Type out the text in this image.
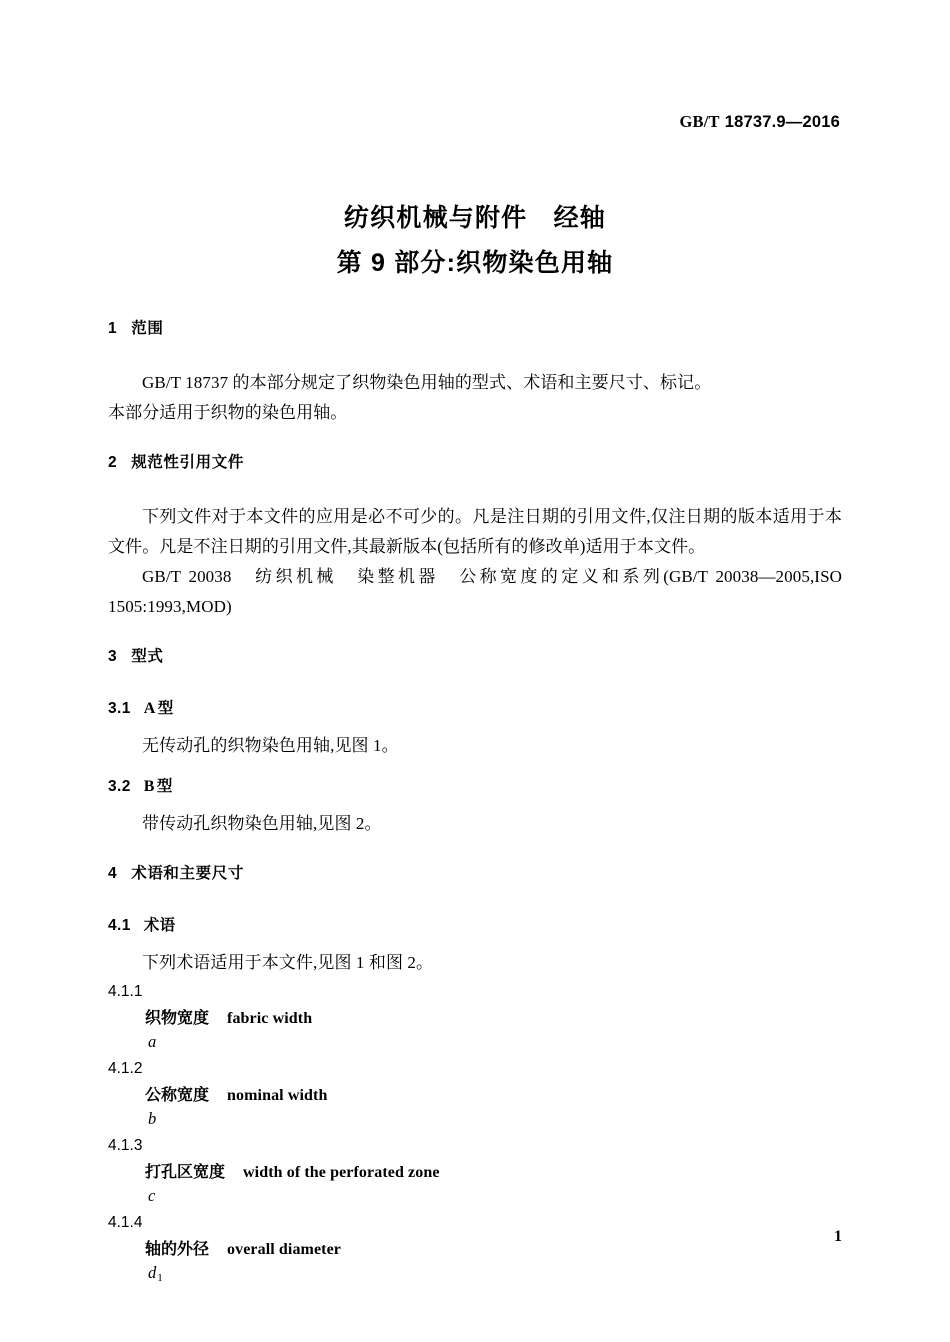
GB/T 18737.9—2016
纺织机械与附件　经轴
第 9 部分:织物染色用轴
1 范围

GB/T 18737 的本部分规定了织物染色用轴的型式、术语和主要尺寸、标记。

本部分适用于织物的染色用轴。

2 规范性引用文件

下列文件对于本文件的应用是必不可少的。凡是注日期的引用文件,仅注日期的版本适用于本文件。凡是不注日期的引用文件,其最新版本(包括所有的修改单)适用于本文件。

GB/T 20038　纺织机械　染整机器　公称宽度的定义和系列(GB/T 20038—2005,ISO 1505:1993,MOD)

3 型式
3.1 A 型

无传动孔的织物染色用轴,见图 1。

3.2 B 型

带传动孔织物染色用轴,见图 2。

4 术语和主要尺寸
4.1 术语

下列术语适用于本文件,见图 1 和图 2。

4.1.1

织物宽度 fabric width

a

4.1.2

公称宽度 nominal width

b

4.1.3

打孔区宽度 width of the perforated zone

c

4.1.4

轴的外径 overall diameter

$d_1$

1
